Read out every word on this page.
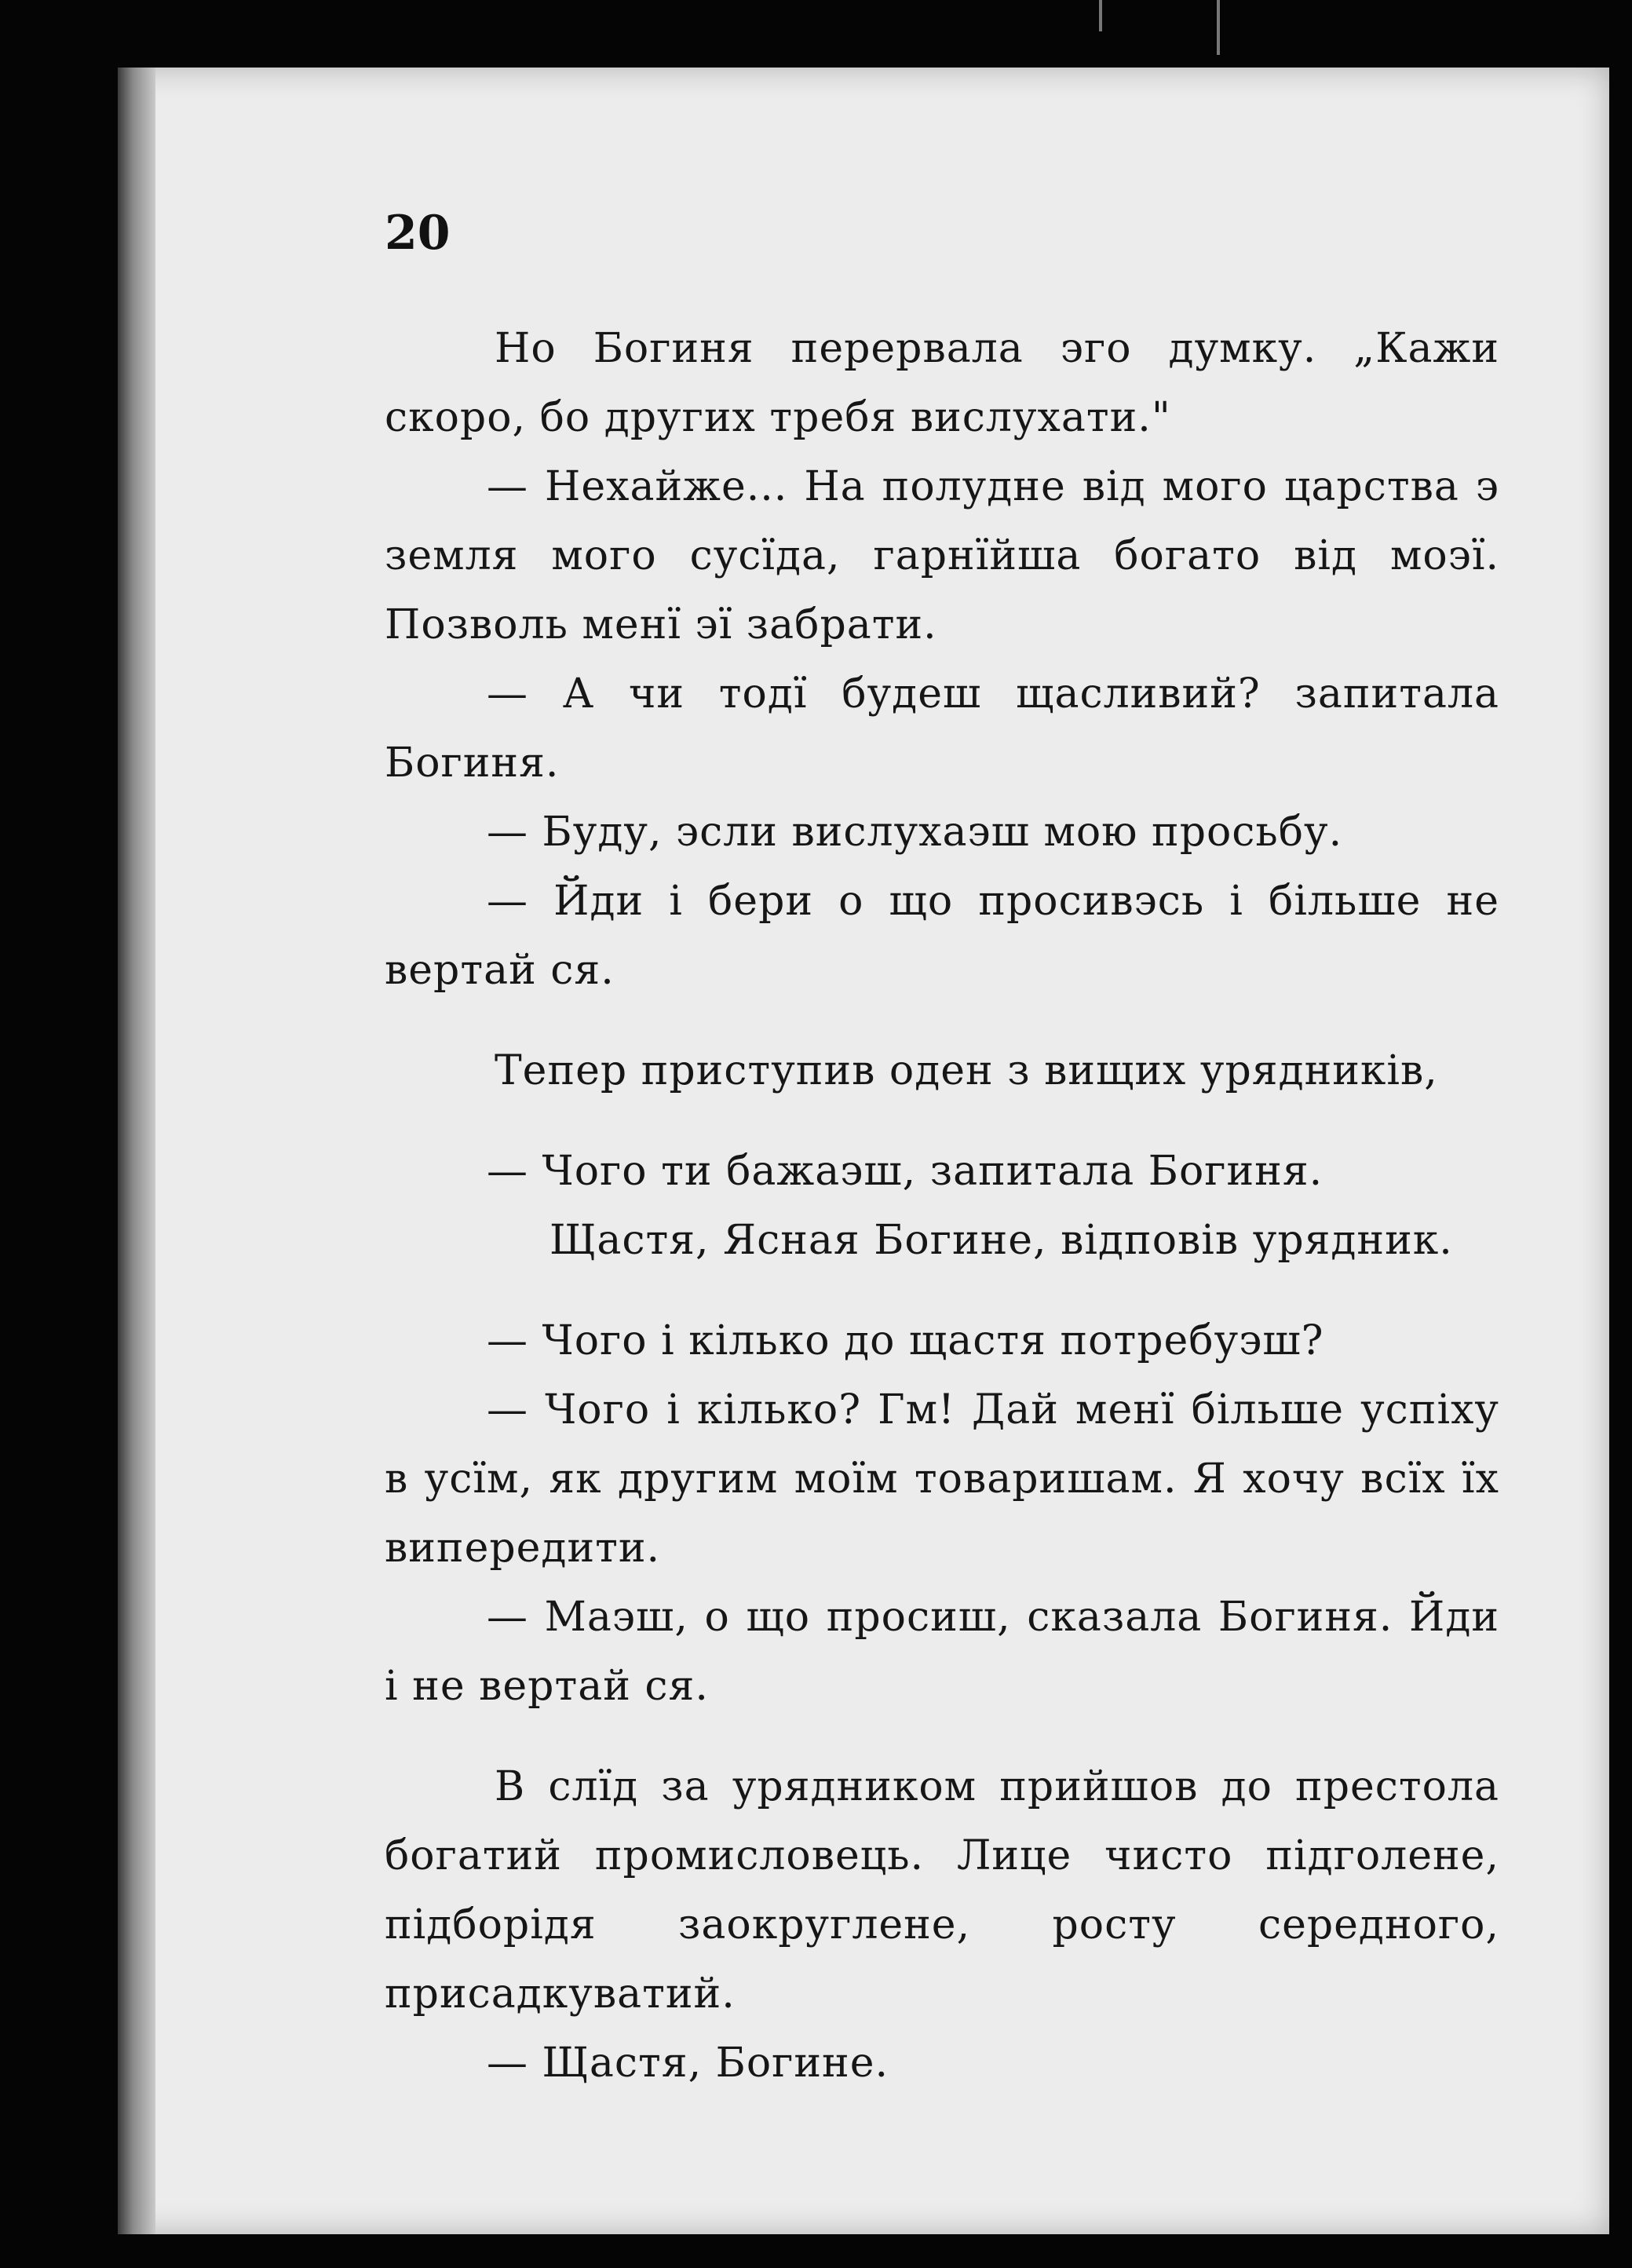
20

Но Богиня перервала эго думку. „Кажи скоро, бо других требя вислухати."

— Нехайже... На полудне від мого царства э земля мого сусїда, гарнїйша богато від моэї. Позволь менї эї забрати.

— А чи тодї будеш щасливий? запитала Богиня.

— Буду, эсли вислухаэш мою просьбу.

— Йди і бери о що просивэсь і більше не вертай ся.

Тепер приступив оден з вищих урядників,

— Чого ти бажаэш, запитала Богиня.

Щастя, Ясная Богине, відповів урядник.

— Чого і кілько до щастя потребуэш?

— Чого і кілько? Гм! Дай менї більше успіху в усїм, як другим моїм товаришам. Я хочу всїх їх випередити.

— Маэш, о що просиш, сказала Богиня. Йди і не вертай ся.

В слїд за урядником прийшов до престола богатий промисловець. Лице чисто підголене, підборідя заокруглене, росту середного, присадкуватий.

— Щастя, Богине.
